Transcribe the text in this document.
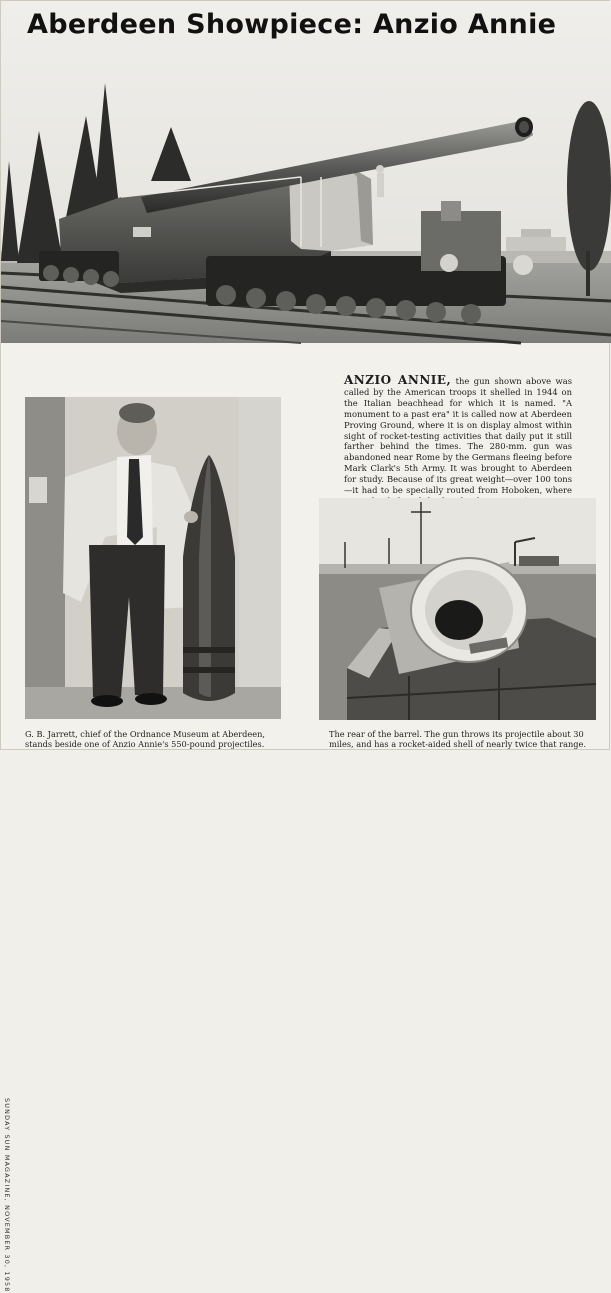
Aberdeen Showpiece: Anzio Annie
ANZIO ANNIE, the gun shown above was called by the American troops it shelled in 1944 on the Italian beachhead for which it is named. "A monument to a past era" it is called now at Aberdeen Proving Ground, where it is on display almost within sight of rocket-testing activities that daily put it still farther behind the times. The 280-mm. gun was abandoned near Rome by the Germans fleeing before Mark Clark's 5th Army. It was brought to Aberdeen for study. Because of its great weight—over 100 tons—it had to be specially routed from Hoboken, where
G. B. Jarrett, chief of the Ordnance Museum at Aberdeen, stands beside one of Anzio Annie's 550-pound projectiles.
The rear of the barrel. The gun throws its projectile about 30 miles, and has a rocket-aided shell of nearly twice that range.
SUNDAY SUN MAGAZINE, NOVEMBER 30, 1958
